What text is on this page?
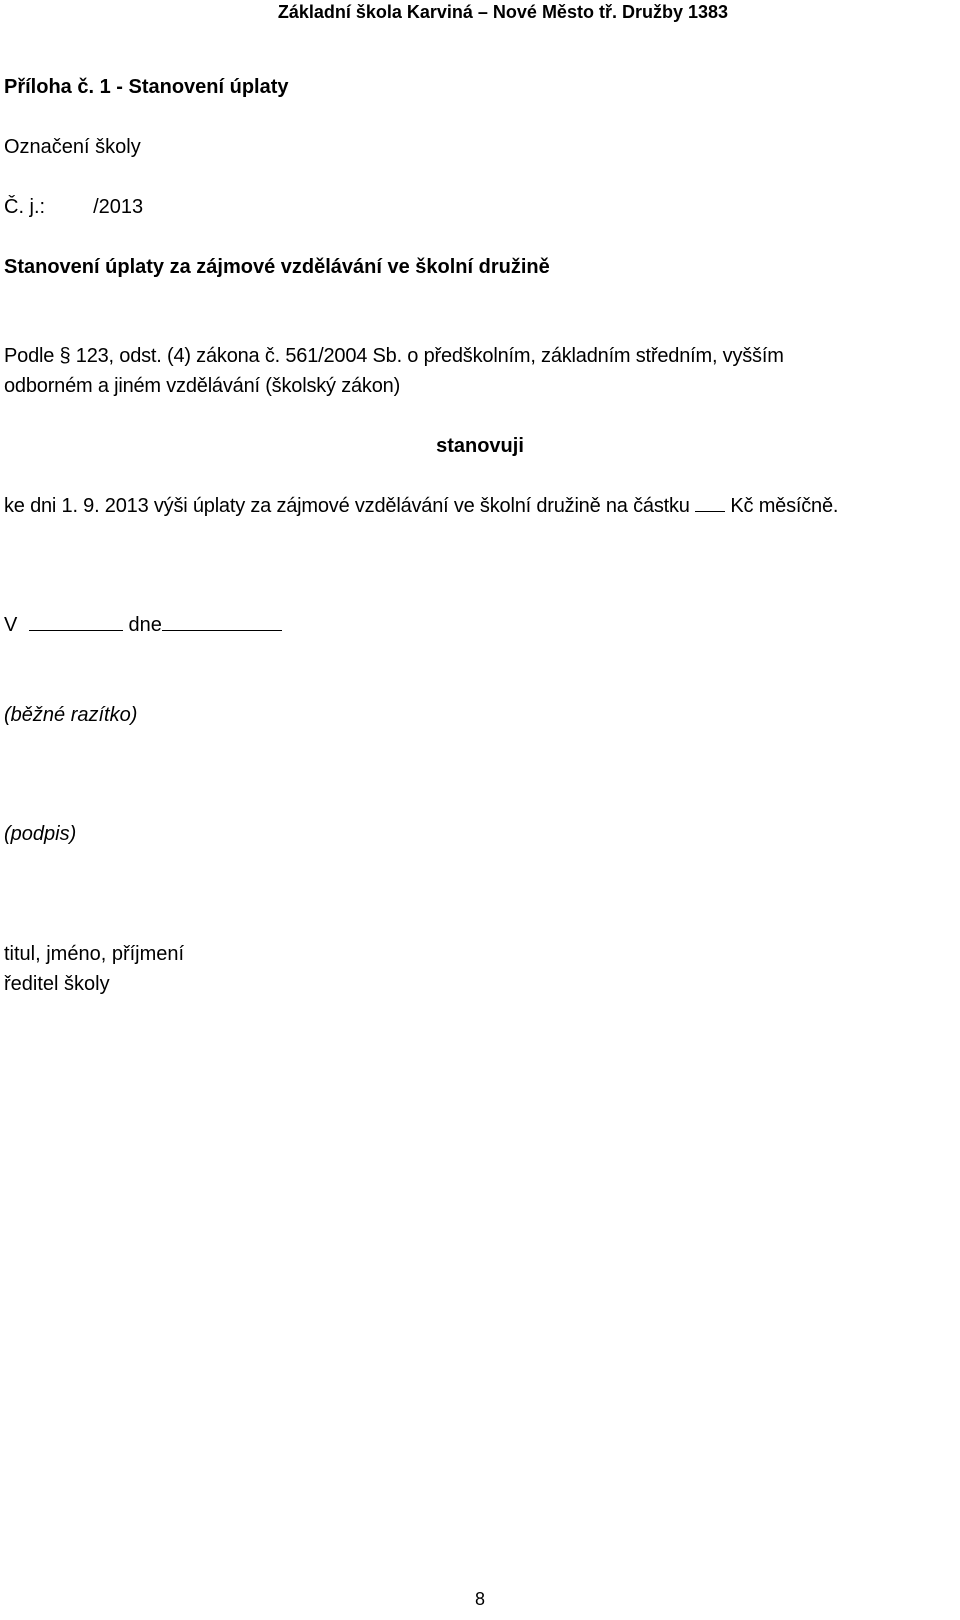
Základní škola Karviná – Nové Město tř. Družby 1383
Příloha č. 1 - Stanovení úplaty
Označení školy
Č. j.: /2013
Stanovení úplaty za zájmové vzdělávání ve školní družině
Podle § 123, odst. (4) zákona č. 561/2004 Sb. o předškolním, základním středním, vyšším
odborném a jiném vzdělávání (školský zákon)
stanovuji
ke dni 1. 9. 2013 výši úplaty za zájmové vzdělávání ve školní družině na částku Kč měsíčně.
V	dne
(běžné razítko)
(podpis)
titul, jméno, příjmení
ředitel školy
8
